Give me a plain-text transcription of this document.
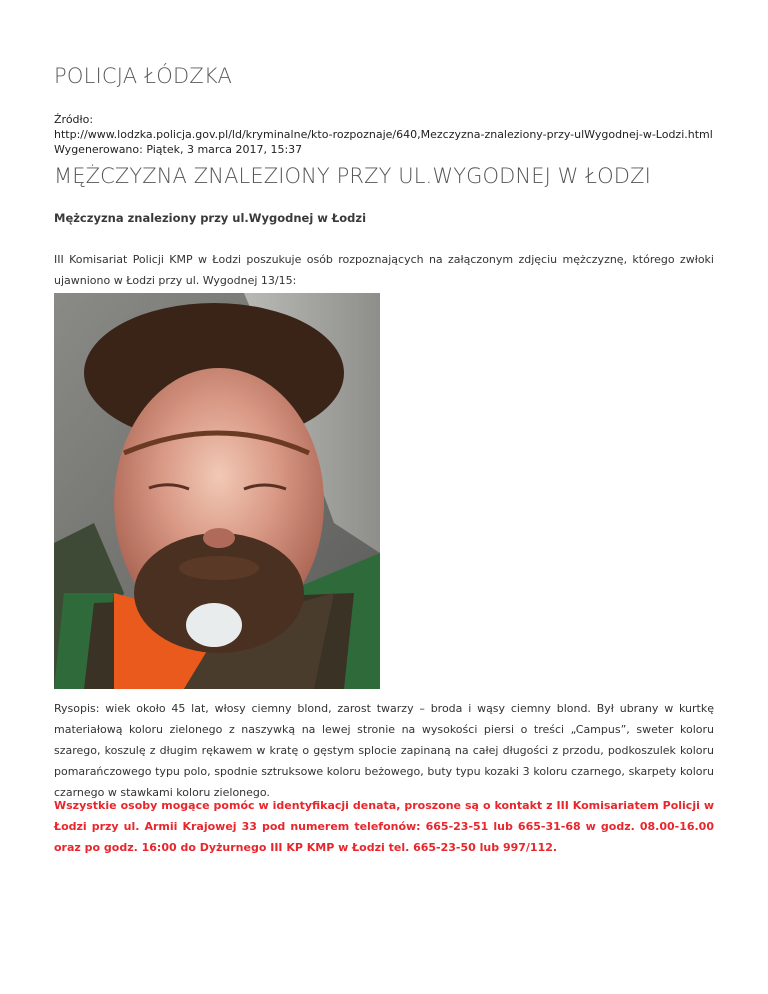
POLICJA ŁÓDZKA
Źródło:
http://www.lodzka.policja.gov.pl/ld/kryminalne/kto-rozpoznaje/640,Mezczyzna-znaleziony-przy-ulWygodnej-w-Lodzi.html
Wygenerowano: Piątek, 3 marca 2017, 15:37
MĘŻCZYZNA ZNALEZIONY PRZY UL.WYGODNEJ W ŁODZI
Mężczyzna znaleziony przy ul.Wygodnej w Łodzi
III Komisariat Policji KMP w Łodzi poszukuje osób rozpoznających na załączonym zdjęciu mężczyznę, którego zwłoki ujawniono w Łodzi przy ul. Wygodnej 13/15:
Rysopis: wiek około 45 lat, włosy ciemny blond, zarost twarzy – broda i wąsy ciemny blond. Był ubrany w kurtkę materiałową koloru zielonego z naszywką na lewej stronie na wysokości piersi o treści „Campus”, sweter koloru szarego, koszulę z długim rękawem w kratę o gęstym splocie zapinaną na całej długości z przodu, podkoszulek koloru pomarańczowego typu polo, spodnie sztruksowe koloru beżowego, buty typu kozaki 3 koloru czarnego, skarpety koloru czarnego w stawkami koloru zielonego.
Wszystkie osoby mogące pomóc w identyfikacji denata, proszone są o kontakt z III Komisariatem Policji w Łodzi przy ul. Armii Krajowej 33 pod numerem telefonów: 665-23-51 lub 665-31-68 w godz. 08.00-16.00 oraz po godz. 16:00 do Dyżurnego III KP KMP w Łodzi tel. 665-23-50 lub 997/112.
